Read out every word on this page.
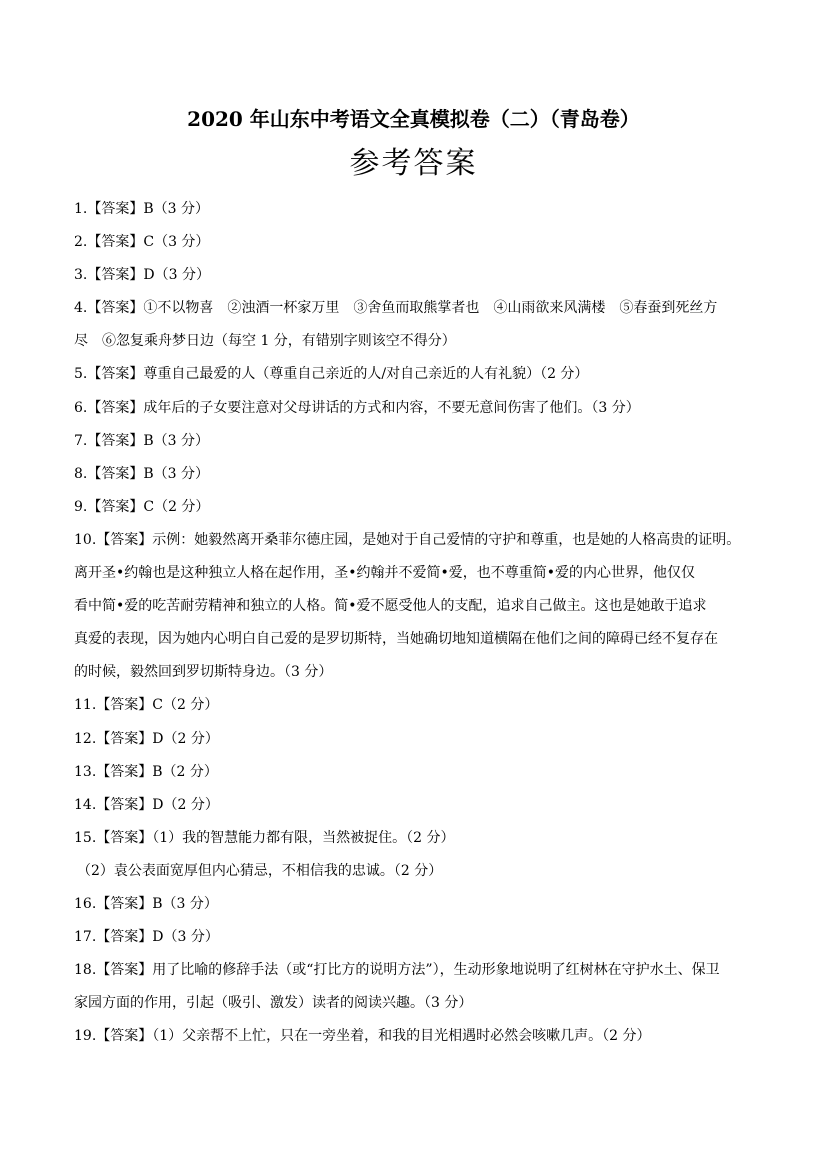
2020 年山东中考语文全真模拟卷（二）（青岛卷）
参考答案
1.【答案】B（3 分）
2.【答案】C（3 分）
3.【答案】D（3 分）
4.【答案】①不以物喜　②浊酒一杯家万里　③舍鱼而取熊掌者也　④山雨欲来风满楼　⑤春蚕到死丝方
尽　⑥忽复乘舟梦日边（每空 1 分，有错别字则该空不得分）
5.【答案】尊重自己最爱的人（尊重自己亲近的人/对自己亲近的人有礼貌）（2 分）
6.【答案】成年后的子女要注意对父母讲话的方式和内容，不要无意间伤害了他们。（3 分）
7.【答案】B（3 分）
8.【答案】B（3 分）
9.【答案】C（2 分）
10.【答案】示例：她毅然离开桑菲尔德庄园，是她对于自己爱情的守护和尊重，也是她的人格高贵的证明。
离开圣•约翰也是这种独立人格在起作用，圣•约翰并不爱简•爱，也不尊重简•爱的内心世界，他仅仅
看中简•爱的吃苦耐劳精神和独立的人格。简•爱不愿受他人的支配，追求自己做主。这也是她敢于追求
真爱的表现，因为她内心明白自己爱的是罗切斯特，当她确切地知道横隔在他们之间的障碍已经不复存在
的时候，毅然回到罗切斯特身边。（3 分）
11.【答案】C（2 分）
12.【答案】D（2 分）
13.【答案】B（2 分）
14.【答案】D（2 分）
15.【答案】（1）我的智慧能力都有限，当然被捉住。（2 分）
（2）袁公表面宽厚但内心猜忌，不相信我的忠诚。（2 分）
16.【答案】B（3 分）
17.【答案】D（3 分）
18.【答案】用了比喻的修辞手法（或“打比方的说明方法”），生动形象地说明了红树林在守护水土、保卫
家园方面的作用，引起（吸引、激发）读者的阅读兴趣。（3 分）
19.【答案】（1）父亲帮不上忙，只在一旁坐着，和我的目光相遇时必然会咳嗽几声。（2 分）
